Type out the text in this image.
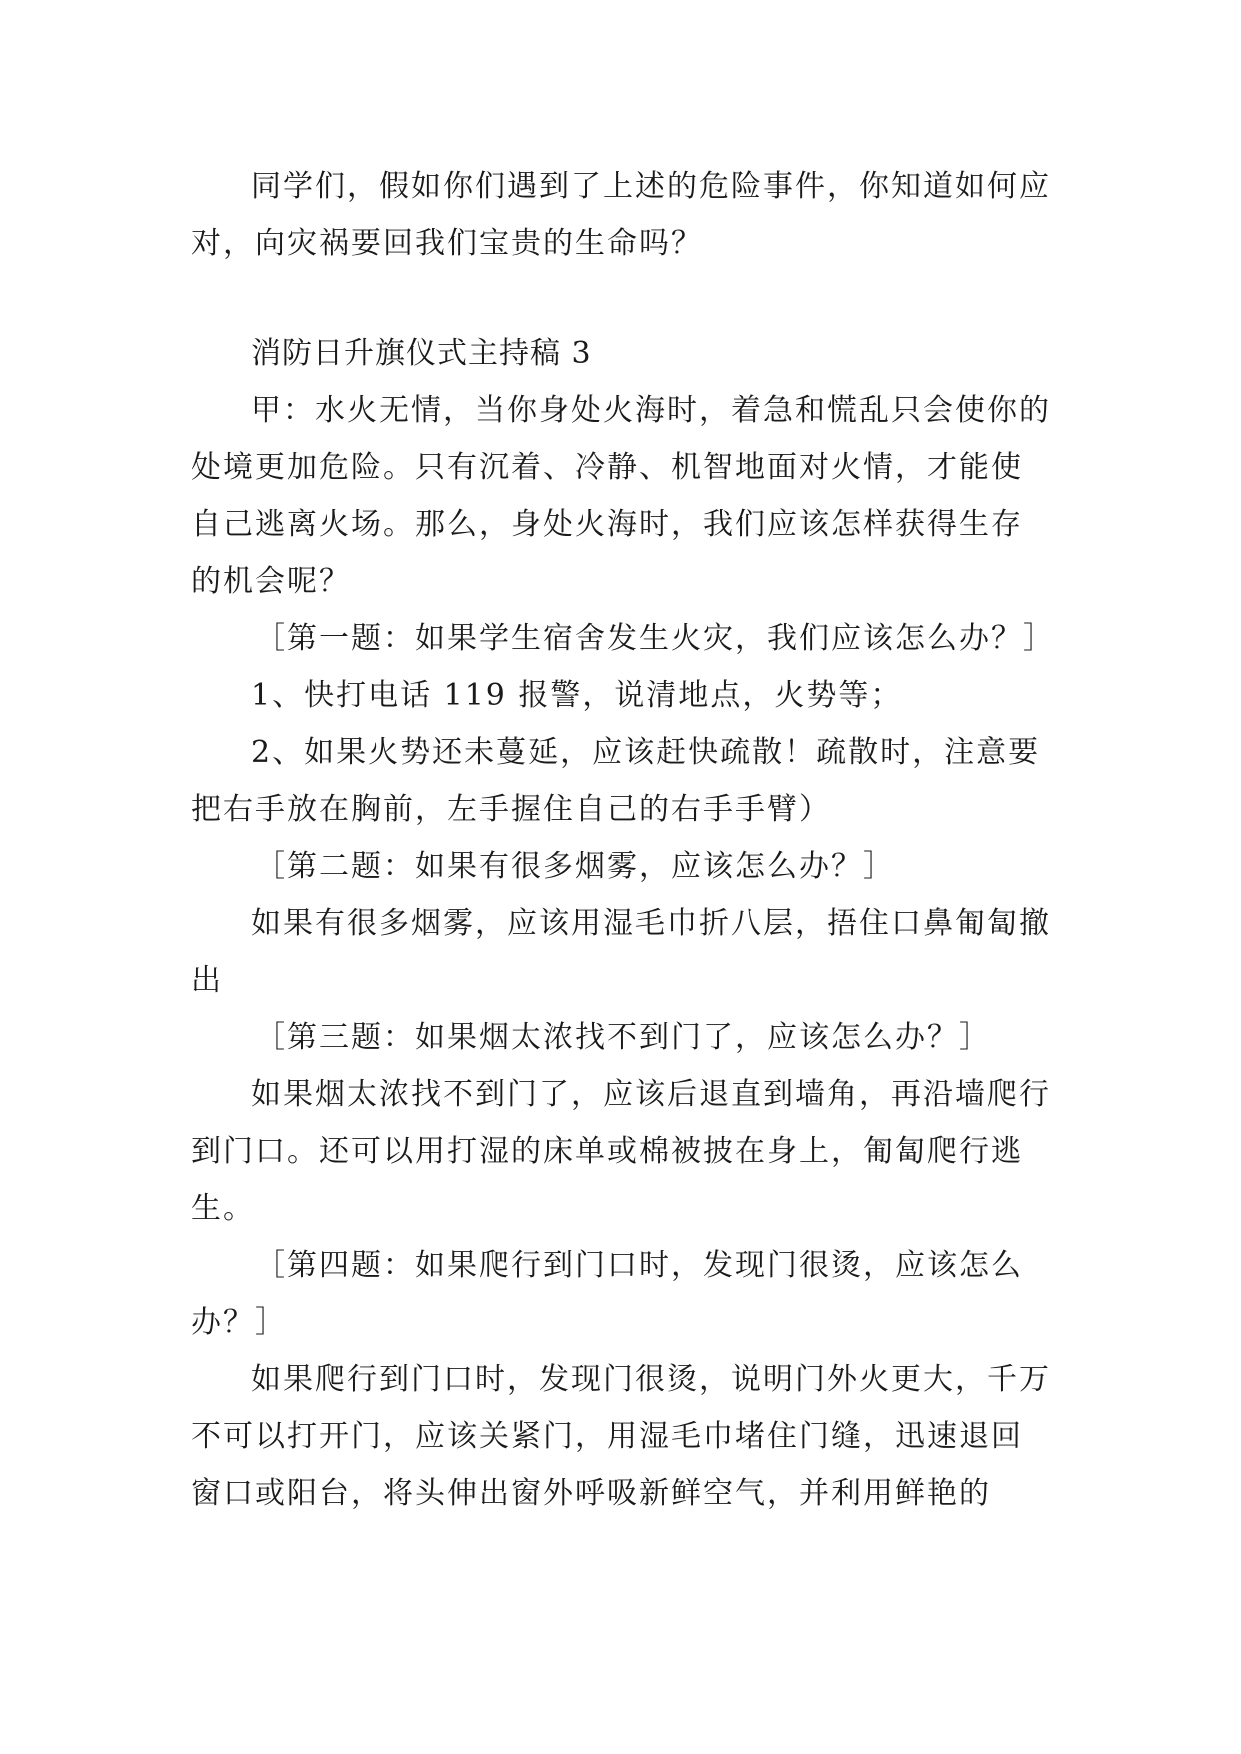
同学们，假如你们遇到了上述的危险事件，你知道如何应对，向灾祸要回我们宝贵的生命吗？

消防日升旗仪式主持稿 3

甲：水火无情，当你身处火海时，着急和慌乱只会使你的处境更加危险。只有沉着、冷静、机智地面对火情，才能使自己逃离火场。那么，身处火海时，我们应该怎样获得生存的机会呢？

［第一题：如果学生宿舍发生火灾，我们应该怎么办？］

1、快打电话 119 报警，说清地点，火势等；

2、如果火势还未蔓延，应该赶快疏散！疏散时，注意要把右手放在胸前，左手握住自己的右手手臂）

［第二题：如果有很多烟雾，应该怎么办？］

如果有很多烟雾，应该用湿毛巾折八层，捂住口鼻匍匐撤出

［第三题：如果烟太浓找不到门了，应该怎么办？］

如果烟太浓找不到门了，应该后退直到墙角，再沿墙爬行到门口。还可以用打湿的床单或棉被披在身上，匍匐爬行逃生。

［第四题：如果爬行到门口时，发现门很烫，应该怎么办？］

如果爬行到门口时，发现门很烫，说明门外火更大，千万不可以打开门，应该关紧门，用湿毛巾堵住门缝，迅速退回窗口或阳台，将头伸出窗外呼吸新鲜空气，并利用鲜艳的
